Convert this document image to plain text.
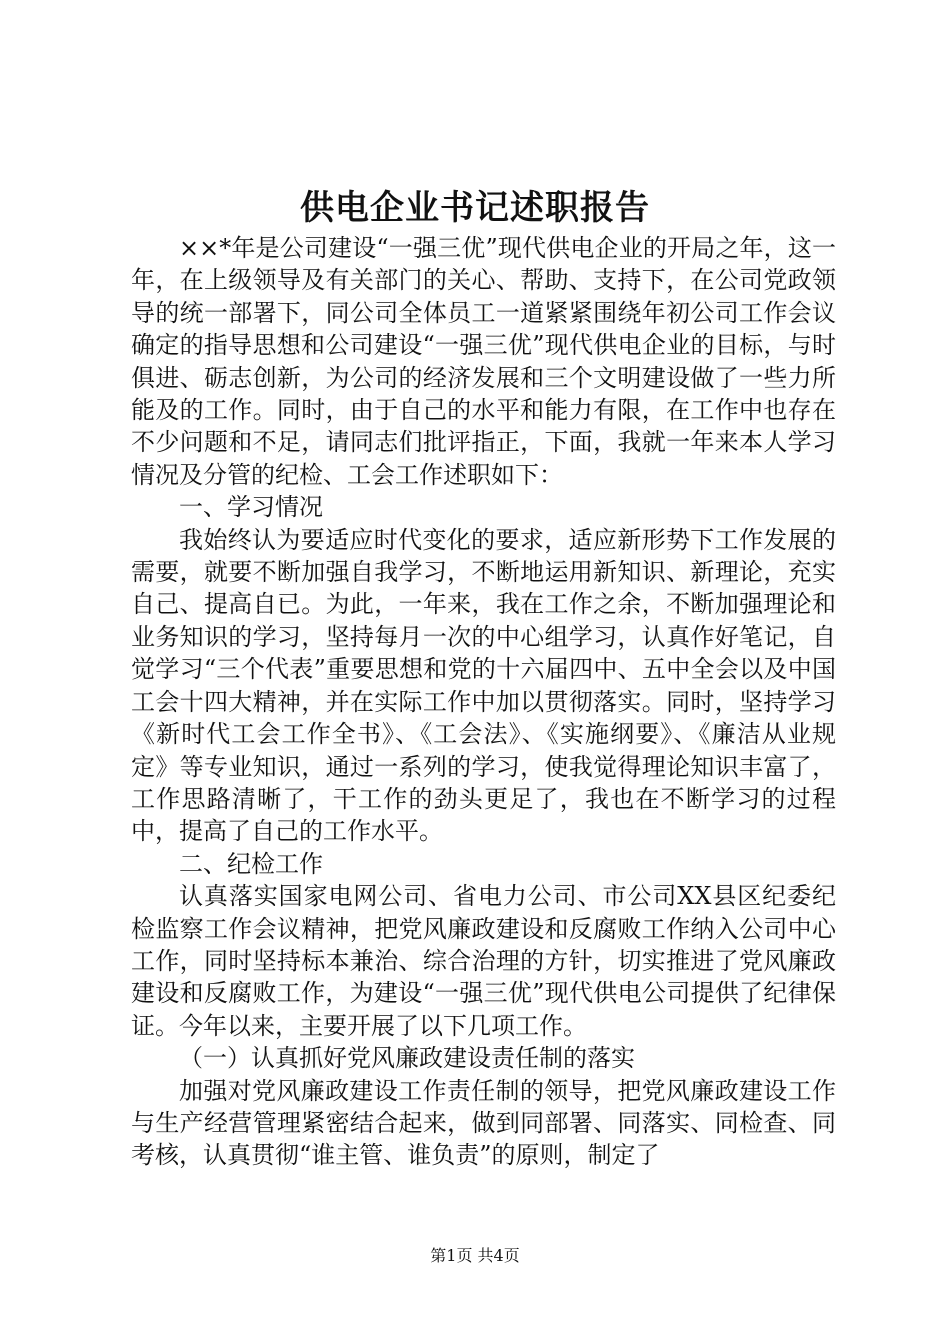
供电企业书记述职报告

××*年是公司建设“一强三优”现代供电企业的开局之年，这一年，在上级领导及有关部门的关心、帮助、支持下，在公司党政领导的统一部署下，同公司全体员工一道紧紧围绕年初公司工作会议确定的指导思想和公司建设“一强三优”现代供电企业的目标，与时俱进、砺志创新，为公司的经济发展和三个文明建设做了一些力所能及的工作。同时，由于自己的水平和能力有限，在工作中也存在不少问题和不足，请同志们批评指正，下面，我就一年来本人学习情况及分管的纪检、工会工作述职如下：

一、学习情况

我始终认为要适应时代变化的要求，适应新形势下工作发展的需要，就要不断加强自我学习，不断地运用新知识、新理论，充实自己、提高自已。为此，一年来，我在工作之余，不断加强理论和业务知识的学习，坚持每月一次的中心组学习，认真作好笔记，自觉学习“三个代表”重要思想和党的十六届四中、五中全会以及中国工会十四大精神，并在实际工作中加以贯彻落实。同时，坚持学习《新时代工会工作全书》、《工会法》、《实施纲要》、《廉洁从业规定》等专业知识，通过一系列的学习，使我觉得理论知识丰富了，工作思路清晰了，干工作的劲头更足了，我也在不断学习的过程中，提高了自己的工作水平。

二、纪检工作

认真落实国家电网公司、省电力公司、市公司XX县区纪委纪检监察工作会议精神，把党风廉政建设和反腐败工作纳入公司中心工作，同时坚持标本兼治、综合治理的方针，切实推进了党风廉政建设和反腐败工作，为建设“一强三优”现代供电公司提供了纪律保证。今年以来，主要开展了以下几项工作。

（一）认真抓好党风廉政建设责任制的落实

加强对党风廉政建设工作责任制的领导，把党风廉政建设工作与生产经营管理紧密结合起来，做到同部署、同落实、同检查、同考核，认真贯彻“谁主管、谁负责”的原则，制定了

第1页 共4页
